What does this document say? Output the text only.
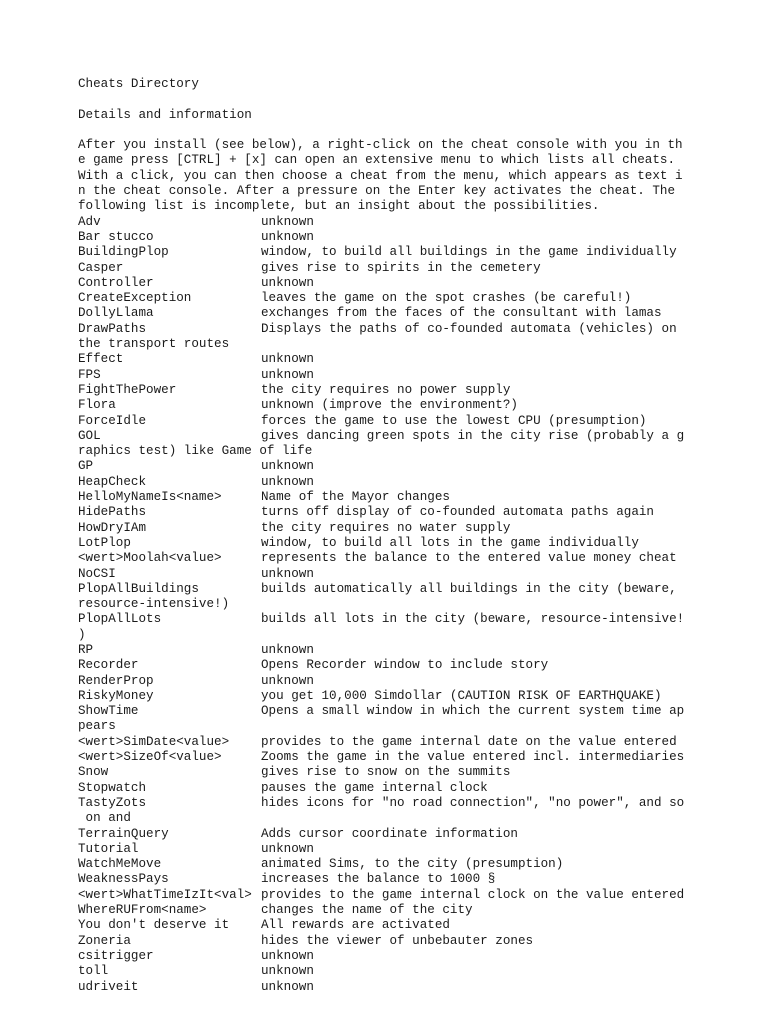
Cheats Directory
Details and information
After you install (see below), a right-click on the cheat console with you in th
e game press [CTRL] + [x] can open an extensive menu to which lists all cheats.
With a click, you can then choose a cheat from the menu, which appears as text i
n the cheat console. After a pressure on the Enter key activates the cheat. The
following list is incomplete, but an insight about the possibilities.
Adv	unknown
Bar stucco	unknown
BuildingPlop	window, to build all buildings in the game individually
Casper	gives rise to spirits in the cemetery
Controller	unknown
CreateException	leaves the game on the spot crashes (be careful!)
DollyLlama	exchanges from the faces of the consultant with lamas
DrawPaths	Displays the paths of co-founded automata (vehicles) on
the transport routes
Effect	unknown
FPS	unknown
FightThePower	the city requires no power supply
Flora	unknown (improve the environment?)
ForceIdle	forces the game to use the lowest CPU (presumption)
GOL	gives dancing green spots in the city rise (probably a g
raphics test) like Game of life
GP	unknown
HeapCheck	unknown
HelloMyNameIs<name>	Name of the Mayor changes
HidePaths	turns off display of co-founded automata paths again
HowDryIAm	the city requires no water supply
LotPlop	window, to build all lots in the game individually
<wert>Moolah<value>	represents the balance to the entered value money cheat
NoCSI	unknown
PlopAllBuildings	builds automatically all buildings in the city (beware,
resource-intensive!)
PlopAllLots	builds all lots in the city (beware, resource-intensive!
)
RP	unknown
Recorder	Opens Recorder window to include story
RenderProp	unknown
RiskyMoney	you get 10,000 Simdollar (CAUTION RISK OF EARTHQUAKE)
ShowTime	Opens a small window in which the current system time ap
pears
<wert>SimDate<value>	provides to the game internal date on the value entered
<wert>SizeOf<value>	Zooms the game in the value entered incl. intermediaries
Snow	gives rise to snow on the summits
Stopwatch	pauses the game internal clock
TastyZots	hides icons for "no road connection", "no power", and so
on and
TerrainQuery	Adds cursor coordinate information
Tutorial	unknown
WatchMeMove	animated Sims, to the city (presumption)
WeaknessPays	increases the balance to 1000 §
<wert>WhatTimeIzIt<val> provides to the game internal clock on the value entered
WhereRUFrom<name>	changes the name of the city
You don't deserve it	All rewards are activated
Zoneria	hides the viewer of unbebauter zones
csitrigger	unknown
toll	unknown
udriveit	unknown
